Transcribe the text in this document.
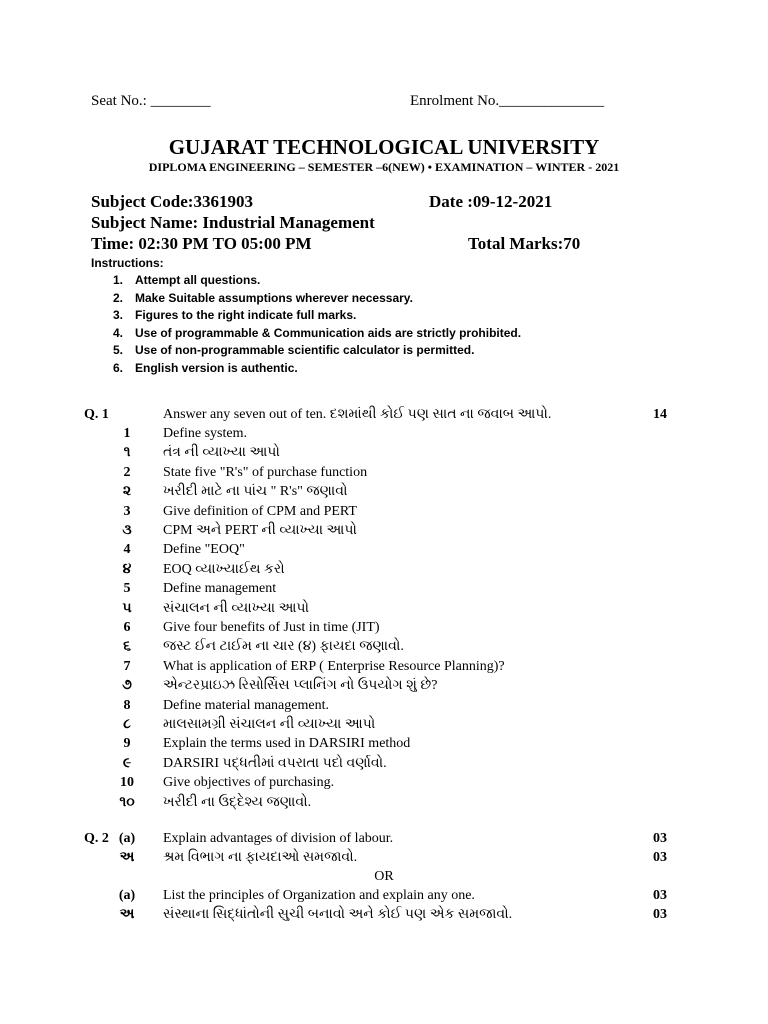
Seat No.: ________	Enrolment No.______________
GUJARAT TECHNOLOGICAL UNIVERSITY
DIPLOMA ENGINEERING – SEMESTER –6(NEW) • EXAMINATION – WINTER - 2021
Subject Code:3361903	Date :09-12-2021
Subject Name: Industrial Management
Time: 02:30 PM TO 05:00 PM	Total Marks:70
Instructions:
1. Attempt all questions.
2. Make Suitable assumptions wherever necessary.
3. Figures to the right indicate full marks.
4. Use of programmable & Communication aids are strictly prohibited.
5. Use of non-programmable scientific calculator is permitted.
6. English version is authentic.
Q. 1	Answer any seven out of ten. દશમાંથી કોઈ પણ સાત ના જવાબ આપો.	14
1	Define system.
૧	તંત્ર ની વ્યાખ્યા આપો
2	State five "R's" of purchase function
૨	ખરીદી માટે ના પાંચ " R's" જણાવો
3	Give definition of CPM and PERT
૩	CPM અને PERT ની વ્યાખ્યા આપો
4	Define "EOQ"
૪	EOQ વ્યાખ્યાઈથ કરો
5	Define management
૫	સંચાલન ની વ્યાખ્યા આપો
6	Give four benefits of Just in time (JIT)
૬	જસ્ટ ઈન ટાઈમ ના ચાર (૪) ફાયદા જણાવો.
7	What is application of ERP ( Enterprise Resource Planning)?
૭	એન્ટરપ્રાઇઝ રિસોર્સિસ પ્લાનિંગ નો ઉપયોગ શું છે?
8	Define material management.
૮	માલસામગ્રી સંચાલન ની વ્યાખ્યા આપો
9	Explain the terms used in DARSIRI method
૯	DARSIRI પદ્ધતીમાં વપરાતા પદો વર્ણાવો.
10 Give objectives of purchasing.
૧૦ ખરીદી ના ઉદ્દેશ્ય જણાવો.
Q. 2 (a) Explain advantages of division of labour.	03
અ શ્રમ વિભાગ ના ફાયદાઓ સમજાવો.	03
OR
(a) List the principles of Organization and explain any one.	03
અ સંસ્થાના સિદ્ધાંતોની સુચી બનાવો અને કોઈ પણ એક સમજાવો.	03
